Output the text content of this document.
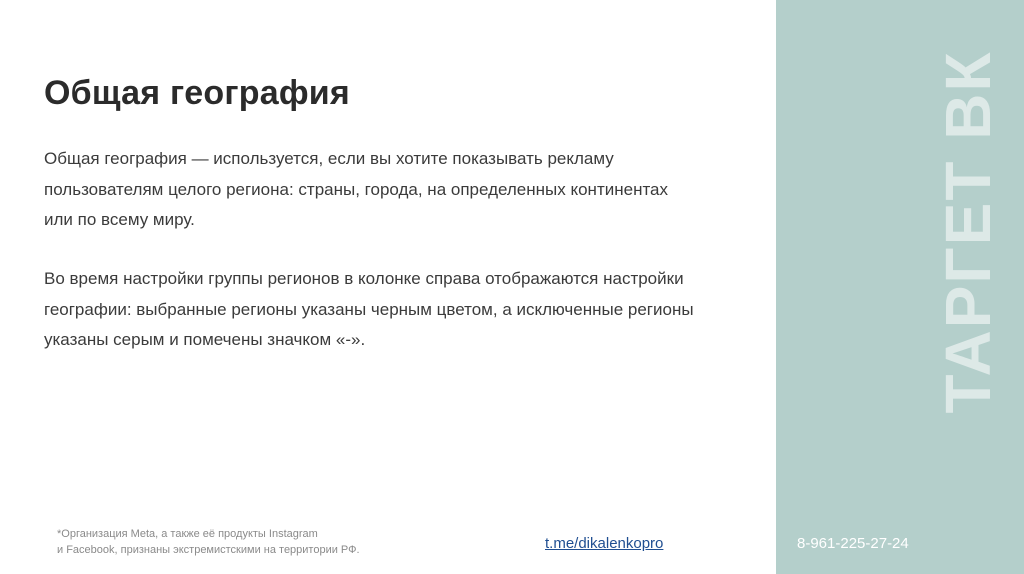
ТАРГЕТ ВК
Общая география

Общая география — используется, если вы хотите показывать рекламу пользователям целого региона: страны, города, на определенных континентах или по всему миру.

Во время настройки группы регионов в колонке справа отображаются настройки географии: выбранные регионы указаны черным цветом, а исключенные регионы указаны серым и помечены значком «-».

*Организация Meta, а также её продукты Instagram
и Facebook, признаны экстремистскими на территории РФ.	t.me/dikalenkopro	8-961-225-27-24
